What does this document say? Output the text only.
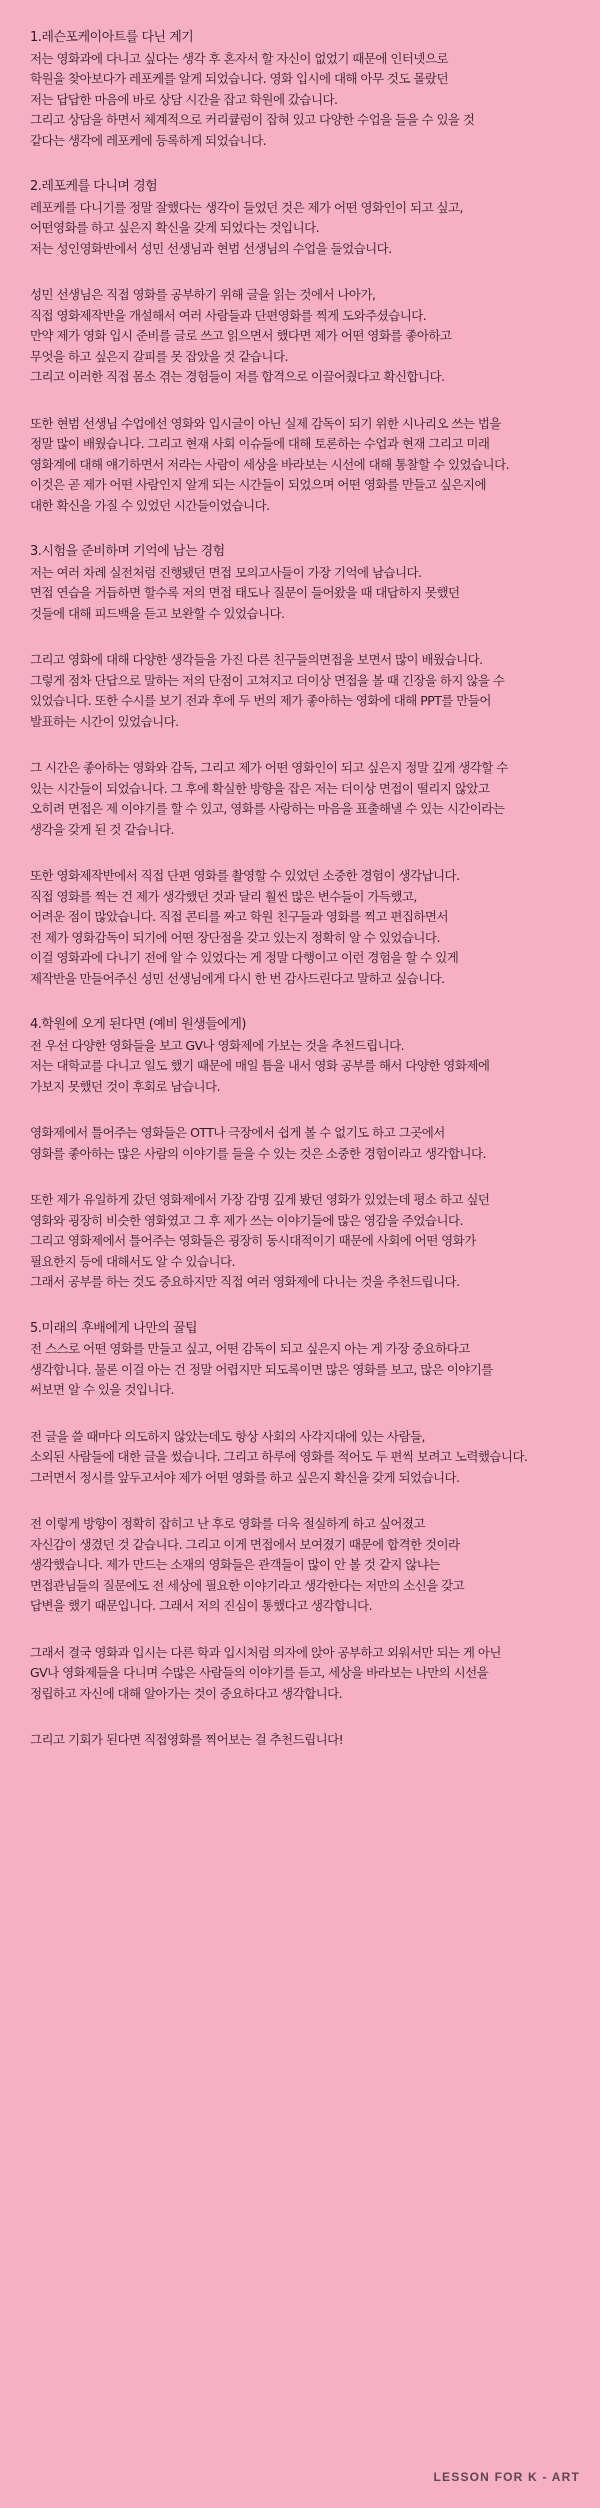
1.레슨포케이아트를 다닌 계기
저는 영화과에 다니고 싶다는 생각 후 혼자서 할 자신이 없었기 때문에 인터넷으로
학원을 찾아보다가 레포케를 알게 되었습니다. 영화 입시에 대해 아무 것도 몰랐던
저는 답답한 마음에 바로 상담 시간을 잡고 학원에 갔습니다.
그리고 상담을 하면서 체계적으로 커리큘럼이 잡혀 있고 다양한 수업을 들을 수 있을 것
같다는 생각에 레포케에 등록하게 되었습니다.
2.레포케를 다니며 경험
레포케를 다니기를 정말 잘했다는 생각이 들었던 것은 제가 어떤 영화인이 되고 싶고,
어떤영화를 하고 싶은지 확신을 갖게 되었다는 것입니다.
저는 성인영화반에서 성민 선생님과 현범 선생님의 수업을 들었습니다.
성민 선생님은 직접 영화를 공부하기 위해 글을 읽는 것에서 나아가,
직접 영화제작반을 개설해서 여러 사람들과 단편영화를 찍게 도와주셨습니다.
만약 제가 영화 입시 준비를 글로 쓰고 읽으면서 했다면 제가 어떤 영화를 좋아하고
무엇을 하고 싶은지 갈피를 못 잡았을 것 같습니다.
그리고 이러한 직접 몸소 겪는 경험들이 저를 합격으로 이끌어줬다고 확신합니다.
또한 현범 선생님 수업에선 영화와 입시글이 아닌 실제 감독이 되기 위한 시나리오 쓰는 법을
정말 많이 배웠습니다. 그리고 현재 사회 이슈들에 대해 토론하는 수업과 현재 그리고 미래
영화계에 대해 얘기하면서 저라는 사람이 세상을 바라보는 시선에 대해 통찰할 수 있었습니다.
이것은 곧 제가 어떤 사람인지 알게 되는 시간들이 되었으며 어떤 영화를 만들고 싶은지에
대한 확신을 가질 수 있었던 시간들이었습니다.
3.시험을 준비하며 기억에 남는 경험
저는 여러 차례 실전처럼 진행됐던 면접 모의고사들이 가장 기억에 남습니다.
면접 연습을 거듭하면 할수록 저의 면접 태도나 질문이 들어왔을 때 대답하지 못했던
것들에 대해 피드백을 듣고 보완할 수 있었습니다.
그리고 영화에 대해 다양한 생각들을 가진 다른 친구들의면접을 보면서 많이 배웠습니다.
그렇게 점차 단답으로 말하는 저의 단점이 고쳐지고 더이상 면접을 볼 때 긴장을 하지 않을 수
있었습니다. 또한 수시를 보기 전과 후에 두 번의 제가 좋아하는 영화에 대해 PPT를 만들어
발표하는 시간이 있었습니다.
그 시간은 좋아하는 영화와 감독, 그리고 제가 어떤 영화인이 되고 싶은지 정말 깊게 생각할 수
있는 시간들이 되었습니다. 그 후에 확실한 방향을 잡은 저는 더이상 면접이 떨리지 않았고
오히려 면접은 제 이야기를 할 수 있고, 영화를 사랑하는 마음을 표출해낼 수 있는 시간이라는
생각을 갖게 된 것 같습니다.
또한 영화제작반에서 직접 단편 영화를 촬영할 수 있었던 소중한 경험이 생각납니다.
직접 영화를 찍는 건 제가 생각했던 것과 달리 훨씬 많은 변수들이 가득했고,
어려운 점이 많았습니다. 직접 콘티를 짜고 학원 친구들과 영화를 찍고 편집하면서
전 제가 영화감독이 되기에 어떤 장단점을 갖고 있는지 정확히 알 수 있었습니다.
이걸 영화과에 다니기 전에 알 수 있었다는 게 정말 다행이고 이런 경험을 할 수 있게
제작반을 만들어주신 성민 선생님에게 다시 한 번 감사드린다고 말하고 싶습니다.
4.학원에 오게 된다면 (예비 원생들에게)
전 우선 다양한 영화들을 보고 GV나 영화제에 가보는 것을 추천드립니다.
저는 대학교를 다니고 일도 했기 때문에 매일 틈을 내서 영화 공부를 해서 다양한 영화제에
가보지 못했던 것이 후회로 남습니다.
영화제에서 틀어주는 영화들은 OTT나 극장에서 쉽게 볼 수 없기도 하고 그곳에서
영화를 좋아하는 많은 사람의 이야기를 들을 수 있는 것은 소중한 경험이라고 생각합니다.
또한 제가 유일하게 갔던 영화제에서 가장 감명 깊게 봤던 영화가 있었는데 평소 하고 싶던
영화와 굉장히 비슷한 영화였고 그 후 제가 쓰는 이야기들에 많은 영감을 주었습니다.
그리고 영화제에서 틀어주는 영화들은 굉장히 동시대적이기 때문에 사회에 어떤 영화가
필요한지 등에 대해서도 알 수 있습니다.
그래서 공부를 하는 것도 중요하지만 직접 여러 영화제에 다니는 것을 추천드립니다.
5.미래의 후배에게 나만의 꿀팁
전 스스로 어떤 영화를 만들고 싶고, 어떤 감독이 되고 싶은지 아는 게 가장 중요하다고
생각합니다. 물론 이걸 아는 건 정말 어렵지만 되도록이면 많은 영화를 보고, 많은 이야기를
써보면 알 수 있을 것입니다.
전 글을 쓸 때마다 의도하지 않았는데도 항상 사회의 사각지대에 있는 사람들,
소외된 사람들에 대한 글을 썼습니다. 그리고 하루에 영화를 적어도 두 편씩 보려고 노력했습니다.
그러면서 정시를 앞두고서야 제가 어떤 영화를 하고 싶은지 확신을 갖게 되었습니다.
전 이렇게 방향이 정확히 잡히고 난 후로 영화를 더욱 절실하게 하고 싶어졌고
자신감이 생겼던 것 같습니다. 그리고 이게 면접에서 보여졌기 때문에 합격한 것이라
생각했습니다. 제가 만드는 소재의 영화들은 관객들이 많이 안 볼 것 같지 않냐는
면접관님들의 질문에도 전 세상에 필요한 이야기라고 생각한다는 저만의 소신을 갖고
답변을 했기 때문입니다. 그래서 저의 진심이 통했다고 생각합니다.
그래서 결국 영화과 입시는 다른 학과 입시처럼 의자에 앉아 공부하고 외워서만 되는 게 아닌
GV나 영화제들을 다니며 수많은 사람들의 이야기를 듣고, 세상을 바라보는 나만의 시선을
정립하고 자신에 대해 알아가는 것이 중요하다고 생각합니다.
그리고 기회가 된다면 직접영화를 찍어보는 걸 추천드립니다!
LESSON FOR K - ART
